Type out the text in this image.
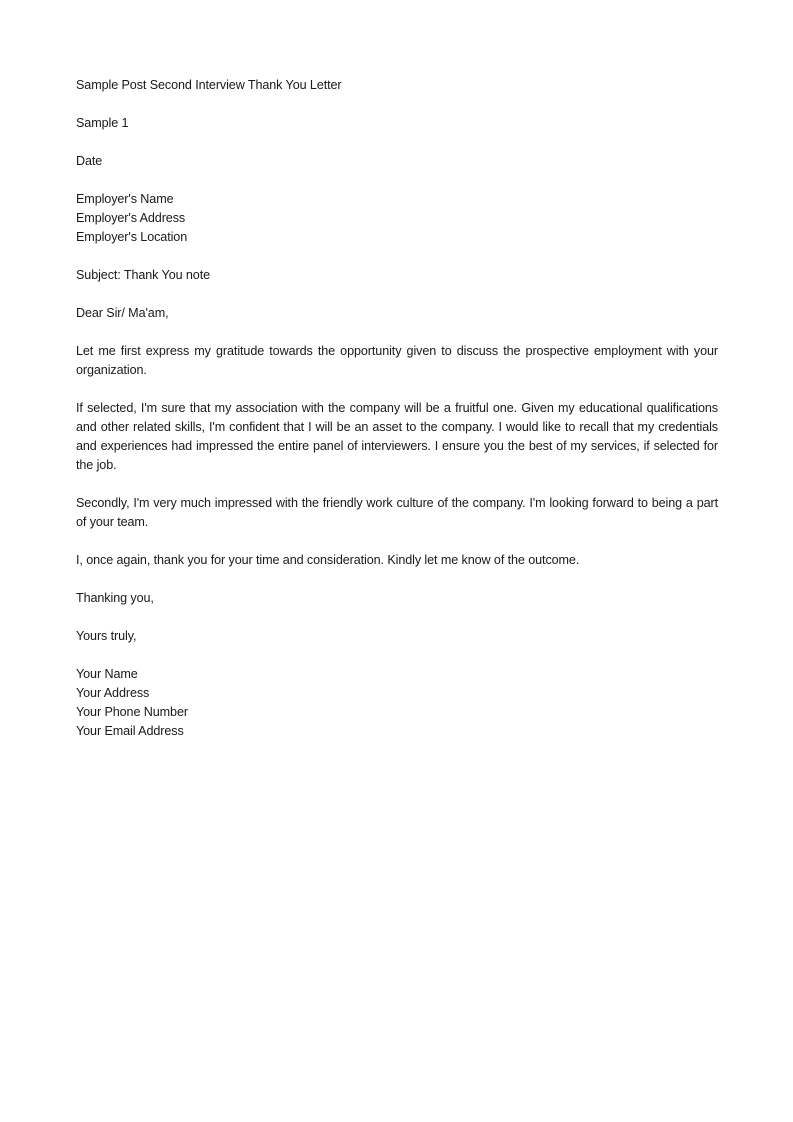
Sample Post Second Interview Thank You Letter
Sample 1
Date
Employer's Name
Employer's Address
Employer's Location
Subject: Thank You note
Dear Sir/ Ma'am,
Let me first express my gratitude towards the opportunity given to discuss the prospective employment with your organization.
If selected, I'm sure that my association with the company will be a fruitful one. Given my educational qualifications and other related skills, I'm confident that I will be an asset to the company. I would like to recall that my credentials and experiences had impressed the entire panel of interviewers. I ensure you the best of my services, if selected for the job.
Secondly, I'm very much impressed with the friendly work culture of the company. I'm looking forward to being a part of your team.
I, once again, thank you for your time and consideration. Kindly let me know of the outcome.
Thanking you,
Yours truly,
Your Name
Your Address
Your Phone Number
Your Email Address
